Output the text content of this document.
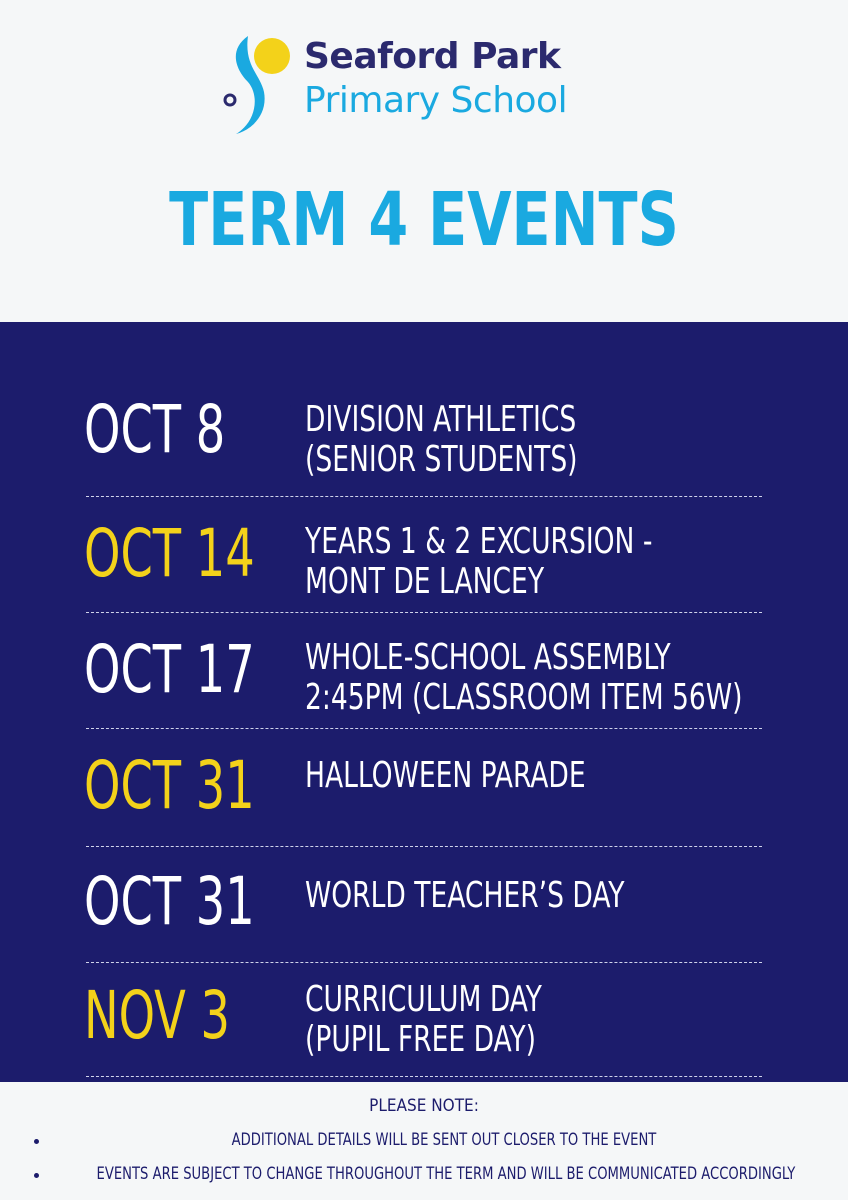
Seaford Park
Primary School
TERM 4 EVENTS
OCT 8 DIVISION ATHLETICS
(SENIOR STUDENTS)
OCT 14 YEARS 1 & 2 EXCURSION -
MONT DE LANCEY
OCT 17 WHOLE-SCHOOL ASSEMBLY
2:45PM (CLASSROOM ITEM 56W)
OCT 31 HALLOWEEN PARADE
OCT 31 WORLD TEACHER’S DAY
NOV 3 CURRICULUM DAY
(PUPIL FREE DAY)
PLEASE NOTE:
ADDITIONAL DETAILS WILL BE SENT OUT CLOSER TO THE EVENT
EVENTS ARE SUBJECT TO CHANGE THROUGHOUT THE TERM AND WILL BE COMMUNICATED ACCORDINGLY
